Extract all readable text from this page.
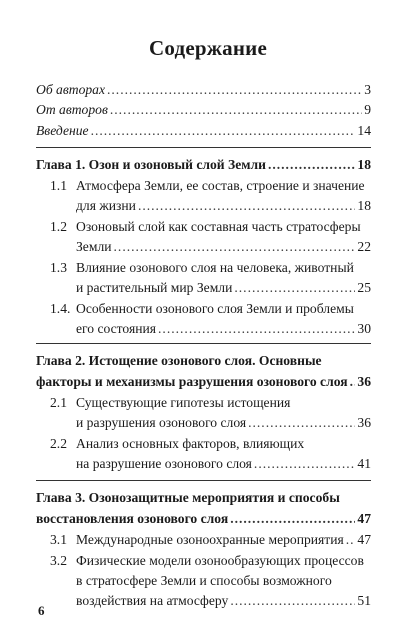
Содержание
Об авторах .....	3
От авторов .....	9
Введение .....	14
Глава 1. Озон и озоновый слой Земли .....	18
1.1 Атмосфера Земли, ее состав, строение и значение
для жизни .....	18
1.2 Озоновый слой как составная часть стратосферы
Земли .....	22
1.3 Влияние озонового слоя на человека, животный
и растительный мир Земли .....	25
1.4. Особенности озонового слоя Земли и проблемы
его состояния .....	30
Глава 2. Истощение озонового слоя. Основные
факторы и механизмы разрушения озонового слоя ..... 36
2.1 Существующие гипотезы истощения
и разрушения озонового слоя .....	36
2.2 Анализ основных факторов, влияющих
на разрушение озонового слоя .....	41
Глава 3. Озонозащитные мероприятия и способы
восстановления озонового слоя .....	47
3.1 Международные озоноохранные мероприятия ..... 47
3.2 Физические модели озонообразующих процессов
в стратосфере Земли и способы возможного
воздействия на атмосферу .....	51
6
